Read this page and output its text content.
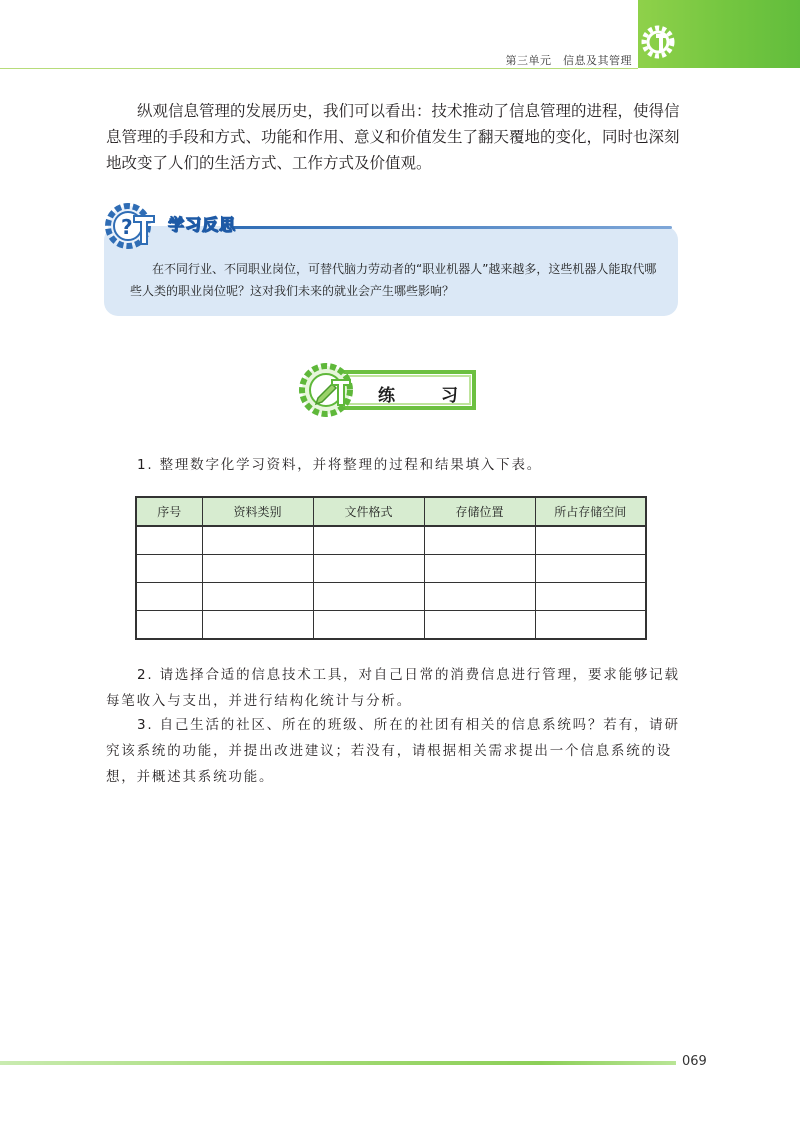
第三单元　信息及其管理

纵观信息管理的发展历史，我们可以看出：技术推动了信息管理的进程，使得信息管理的手段和方式、功能和作用、意义和价值发生了翻天覆地的变化，同时也深刻地改变了人们的生活方式、工作方式及价值观。

? 学习反思

在不同行业、不同职业岗位，可替代脑力劳动者的“职业机器人”越来越多，这些机器人能取代哪些人类的职业岗位呢？这对我们未来的就业会产生哪些影响？

练习

1. 整理数字化学习资料，并将整理的过程和结果填入下表。

序号	资料类别	文件格式	存储位置	所占存储空间

2. 请选择合适的信息技术工具，对自己日常的消费信息进行管理，要求能够记载每笔收入与支出，并进行结构化统计与分析。

3. 自己生活的社区、所在的班级、所在的社团有相关的信息系统吗？若有，请研究该系统的功能，并提出改进建议；若没有，请根据相关需求提出一个信息系统的设想，并概述其系统功能。

069
